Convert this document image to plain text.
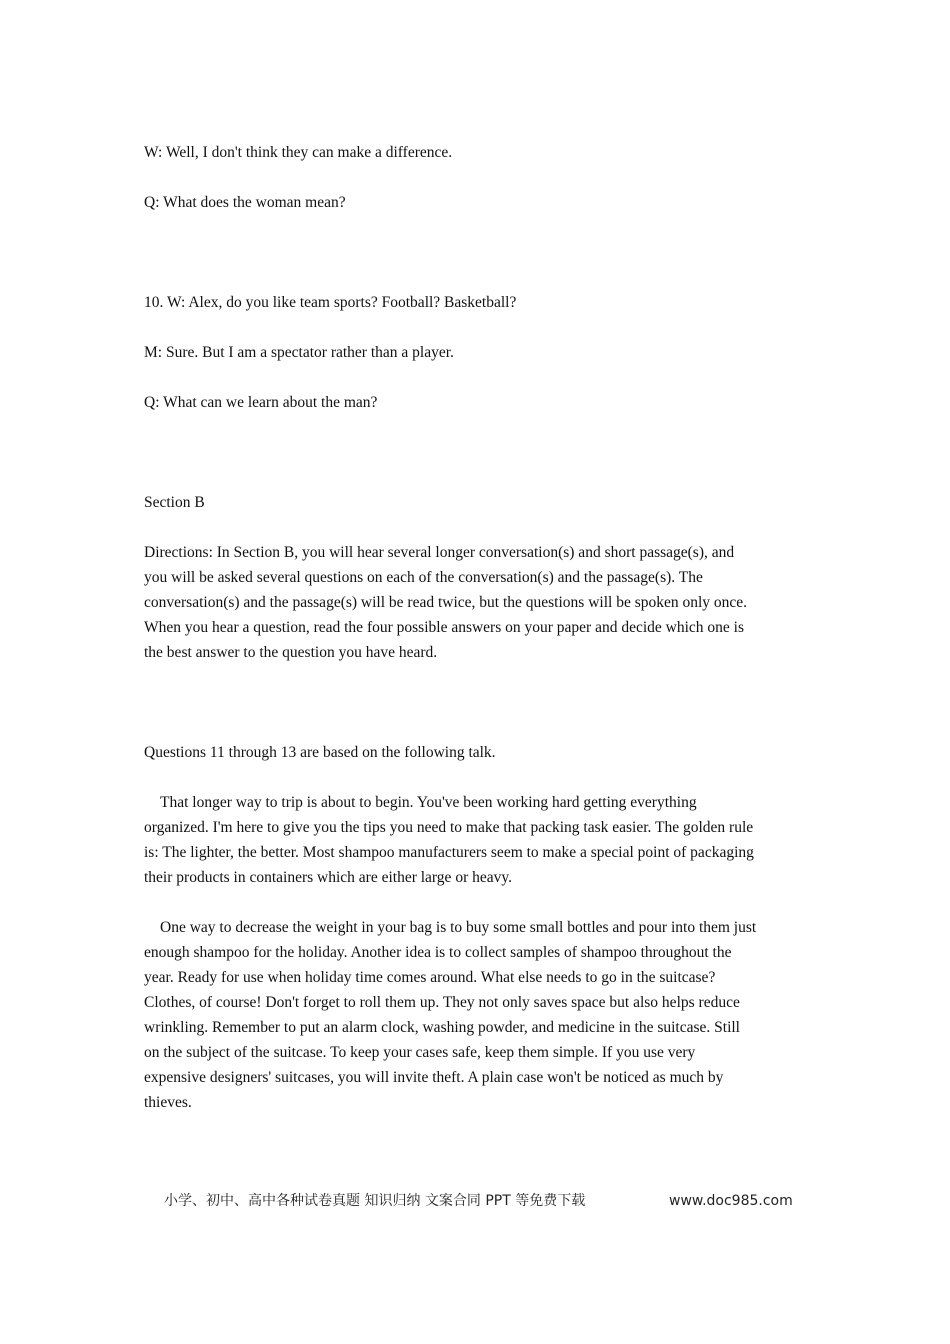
W: Well, I don't think they can make a difference.

Q: What does the woman mean?

10. W: Alex, do you like team sports? Football? Basketball?

M: Sure. But I am a spectator rather than a player.

Q: What can we learn about the man?

Section B

Directions: In Section B, you will hear several longer conversation(s) and short passage(s), and

you will be asked several questions on each of the conversation(s) and the passage(s). The

conversation(s) and the passage(s) will be read twice, but the questions will be spoken only once.

When you hear a question, read the four possible answers on your paper and decide which one is

the best answer to the question you have heard.

Questions 11 through 13 are based on the following talk.

That longer way to trip is about to begin. You've been working hard getting everything

organized. I'm here to give you the tips you need to make that packing task easier. The golden rule

is: The lighter, the better. Most shampoo manufacturers seem to make a special point of packaging

their products in containers which are either large or heavy.

One way to decrease the weight in your bag is to buy some small bottles and pour into them just

enough shampoo for the holiday. Another idea is to collect samples of shampoo throughout the

year. Ready for use when holiday time comes around. What else needs to go in the suitcase?

Clothes, of course! Don't forget to roll them up. They not only saves space but also helps reduce

wrinkling. Remember to put an alarm clock, washing powder, and medicine in the suitcase. Still

on the subject of the suitcase. To keep your cases safe, keep them simple. If you use very

expensive designers' suitcases, you will invite theft. A plain case won't be noticed as much by

thieves.

小学、初中、高中各种试卷真题 知识归纳 文案合同 PPT 等免费下载	www.doc985.com
